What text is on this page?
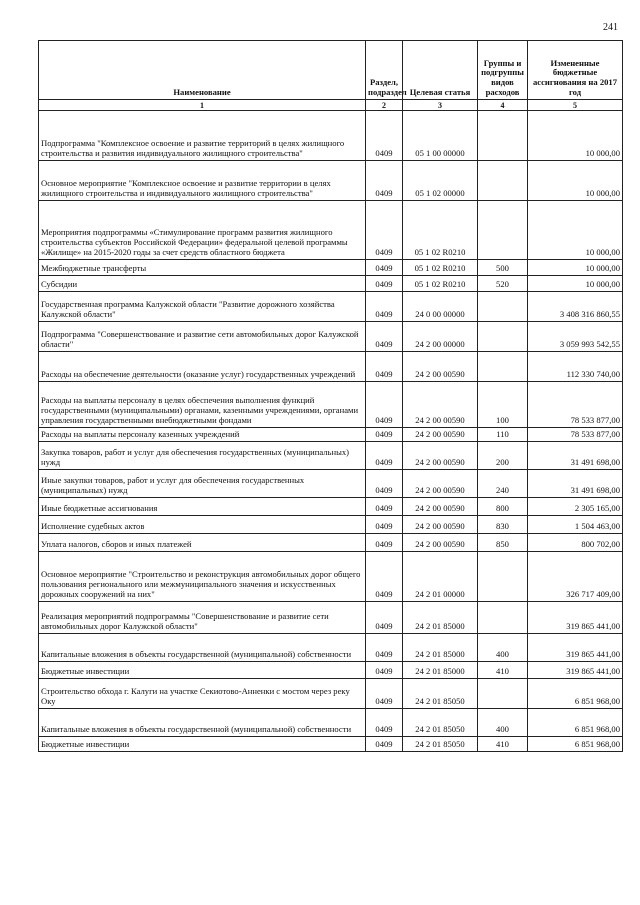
241
Наименование	Раздел, подраздел	Целевая статья	Группы и подгруппы видов расходов	Измененные бюджетные ассигнования на 2017 год
1	2	3	4	5
Подпрограмма "Комплексное освоение и развитие территорий в целях жилищного строительства и развития индивидуального жилищного строительства"	0409	05 1 00 00000		10 000,00
Основное мероприятие "Комплексное освоение и развитие территории в целях жилищного строительства и индивидуального жилищного строительства"	0409	05 1 02 00000		10 000,00
Мероприятия подпрограммы «Стимулирование программ развития жилищного строительства субъектов Российской Федерации» федеральной целевой программы «Жилище» на 2015-2020 годы за счет средств областного бюджета	0409	05 1 02 R0210		10 000,00
Межбюджетные трансферты	0409	05 1 02 R0210	500	10 000,00
Субсидии	0409	05 1 02 R0210	520	10 000,00
Государственная программа Калужской области "Развитие дорожного хозяйства Калужской области"	0409	24 0 00 00000		3 408 316 860,55
Подпрограмма "Совершенствование и развитие сети автомобильных дорог Калужской области"	0409	24 2 00 00000		3 059 993 542,55
Расходы на обеспечение деятельности (оказание услуг) государственных учреждений	0409	24 2 00 00590		112 330 740,00
Расходы на выплаты персоналу в целях обеспечения выполнения функций государственными (муниципальными) органами, казенными учреждениями, органами управления государственными внебюджетными фондами	0409	24 2 00 00590	100	78 533 877,00
Расходы на выплаты персоналу казенных учреждений	0409	24 2 00 00590	110	78 533 877,00
Закупка товаров, работ и услуг для обеспечения государственных (муниципальных) нужд	0409	24 2 00 00590	200	31 491 698,00
Иные закупки товаров, работ и услуг для обеспечения государственных (муниципальных) нужд	0409	24 2 00 00590	240	31 491 698,00
Иные бюджетные ассигнования	0409	24 2 00 00590	800	2 305 165,00
Исполнение судебных актов	0409	24 2 00 00590	830	1 504 463,00
Уплата налогов, сборов и иных платежей	0409	24 2 00 00590	850	800 702,00
Основное мероприятие "Строительство и реконструкция автомобильных дорог общего пользования регионального или межмуниципального значения и искусственных дорожных сооружений на них"	0409	24 2 01 00000		326 717 409,00
Реализация мероприятий подпрограммы "Совершенствование и развитие сети автомобильных дорог Калужской области"	0409	24 2 01 85000		319 865 441,00
Капитальные вложения в объекты государственной (муниципальной) собственности	0409	24 2 01 85000	400	319 865 441,00
Бюджетные инвестиции	0409	24 2 01 85000	410	319 865 441,00
Строительство обхода г. Калуги на участке Секиотово-Анненки с мостом через реку Оку	0409	24 2 01 85050		6 851 968,00
Капитальные вложения в объекты государственной (муниципальной) собственности	0409	24 2 01 85050	400	6 851 968,00
Бюджетные инвестиции	0409	24 2 01 85050	410	6 851 968,00
